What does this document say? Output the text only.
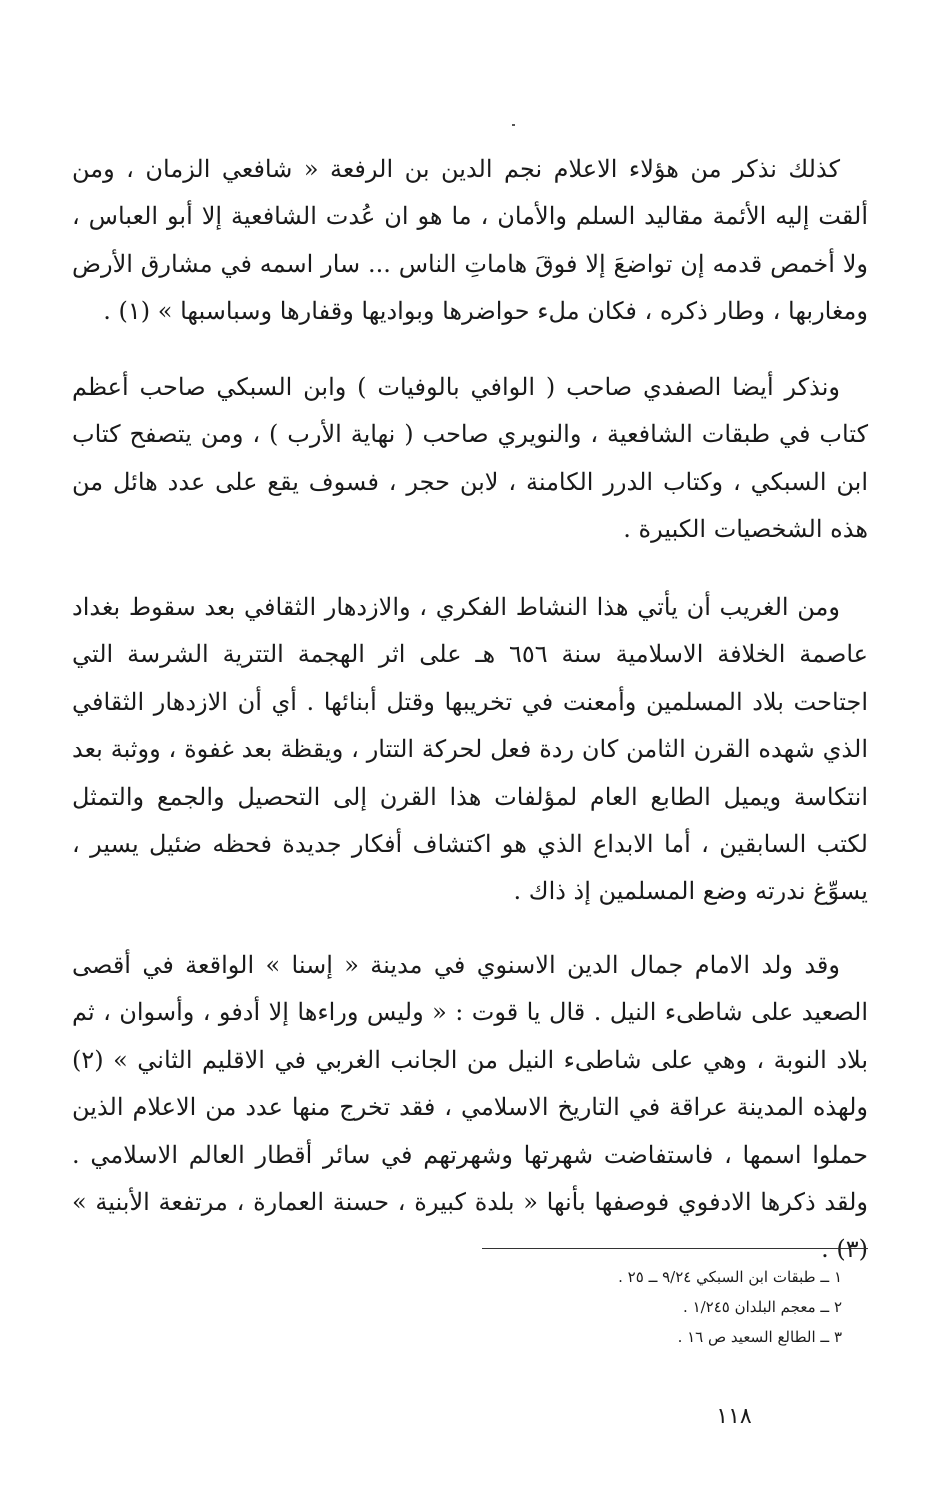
كذلك نذكر من هؤلاء الاعلام نجم الدين بن الرفعة « شافعي الزمان ، ومن ألقت إليه الأئمة مقاليد السلم والأمان ، ما هو ان عُدت الشافعية إلا أبو العباس ، ولا أخمص قدمه إن تواضعَ إلا فوقَ هاماتِ الناس ... سار اسمه في مشارق الأرض ومغاربها ، وطار ذكره ، فكان ملء حواضرها وبواديها وقفارها وسباسبها » (١) .

ونذكر أيضا الصفدي صاحب ( الوافي بالوفيات ) وابن السبكي صاحب أعظم كتاب في طبقات الشافعية ، والنويري صاحب ( نهاية الأرب ) ، ومن يتصفح كتاب ابن السبكي ، وكتاب الدرر الكامنة ، لابن حجر ، فسوف يقع على عدد هائل من هذه الشخصيات الكبيرة .

ومن الغريب أن يأتي هذا النشاط الفكري ، والازدهار الثقافي بعد سقوط بغداد عاصمة الخلافة الاسلامية سنة ٦٥٦ هـ على اثر الهجمة التترية الشرسة التي اجتاحت بلاد المسلمين وأمعنت في تخريبها وقتل أبنائها . أي أن الازدهار الثقافي الذي شهده القرن الثامن كان ردة فعل لحركة التتار ، ويقظة بعد غفوة ، ووثبة بعد انتكاسة ويميل الطابع العام لمؤلفات هذا القرن إلى التحصيل والجمع والتمثل لكتب السابقين ، أما الابداع الذي هو اكتشاف أفكار جديدة فحظه ضئيل يسير ، يسوِّغ ندرته وضع المسلمين إذ ذاك .

وقد ولد الامام جمال الدين الاسنوي في مدينة « إسنا » الواقعة في أقصى الصعيد على شاطىء النيل . قال يا قوت : « وليس وراءها إلا أدفو ، وأسوان ، ثم بلاد النوبة ، وهي على شاطىء النيل من الجانب الغربي في الاقليم الثاني » (٢) ولهذه المدينة عراقة في التاريخ الاسلامي ، فقد تخرج منها عدد من الاعلام الذين حملوا اسمها ، فاستفاضت شهرتها وشهرتهم في سائر أقطار العالم الاسلامي . ولقد ذكرها الادفوي فوصفها بأنها « بلدة كبيرة ، حسنة العمارة ، مرتفعة الأبنية » (٣) .

١ ــ طبقات ابن السبكي ٩/٢٤ ــ ٢٥ .
٢ ــ معجم البلدان ١/٢٤٥ .
٣ ــ الطالع السعيد ص ١٦ .
١١٨
